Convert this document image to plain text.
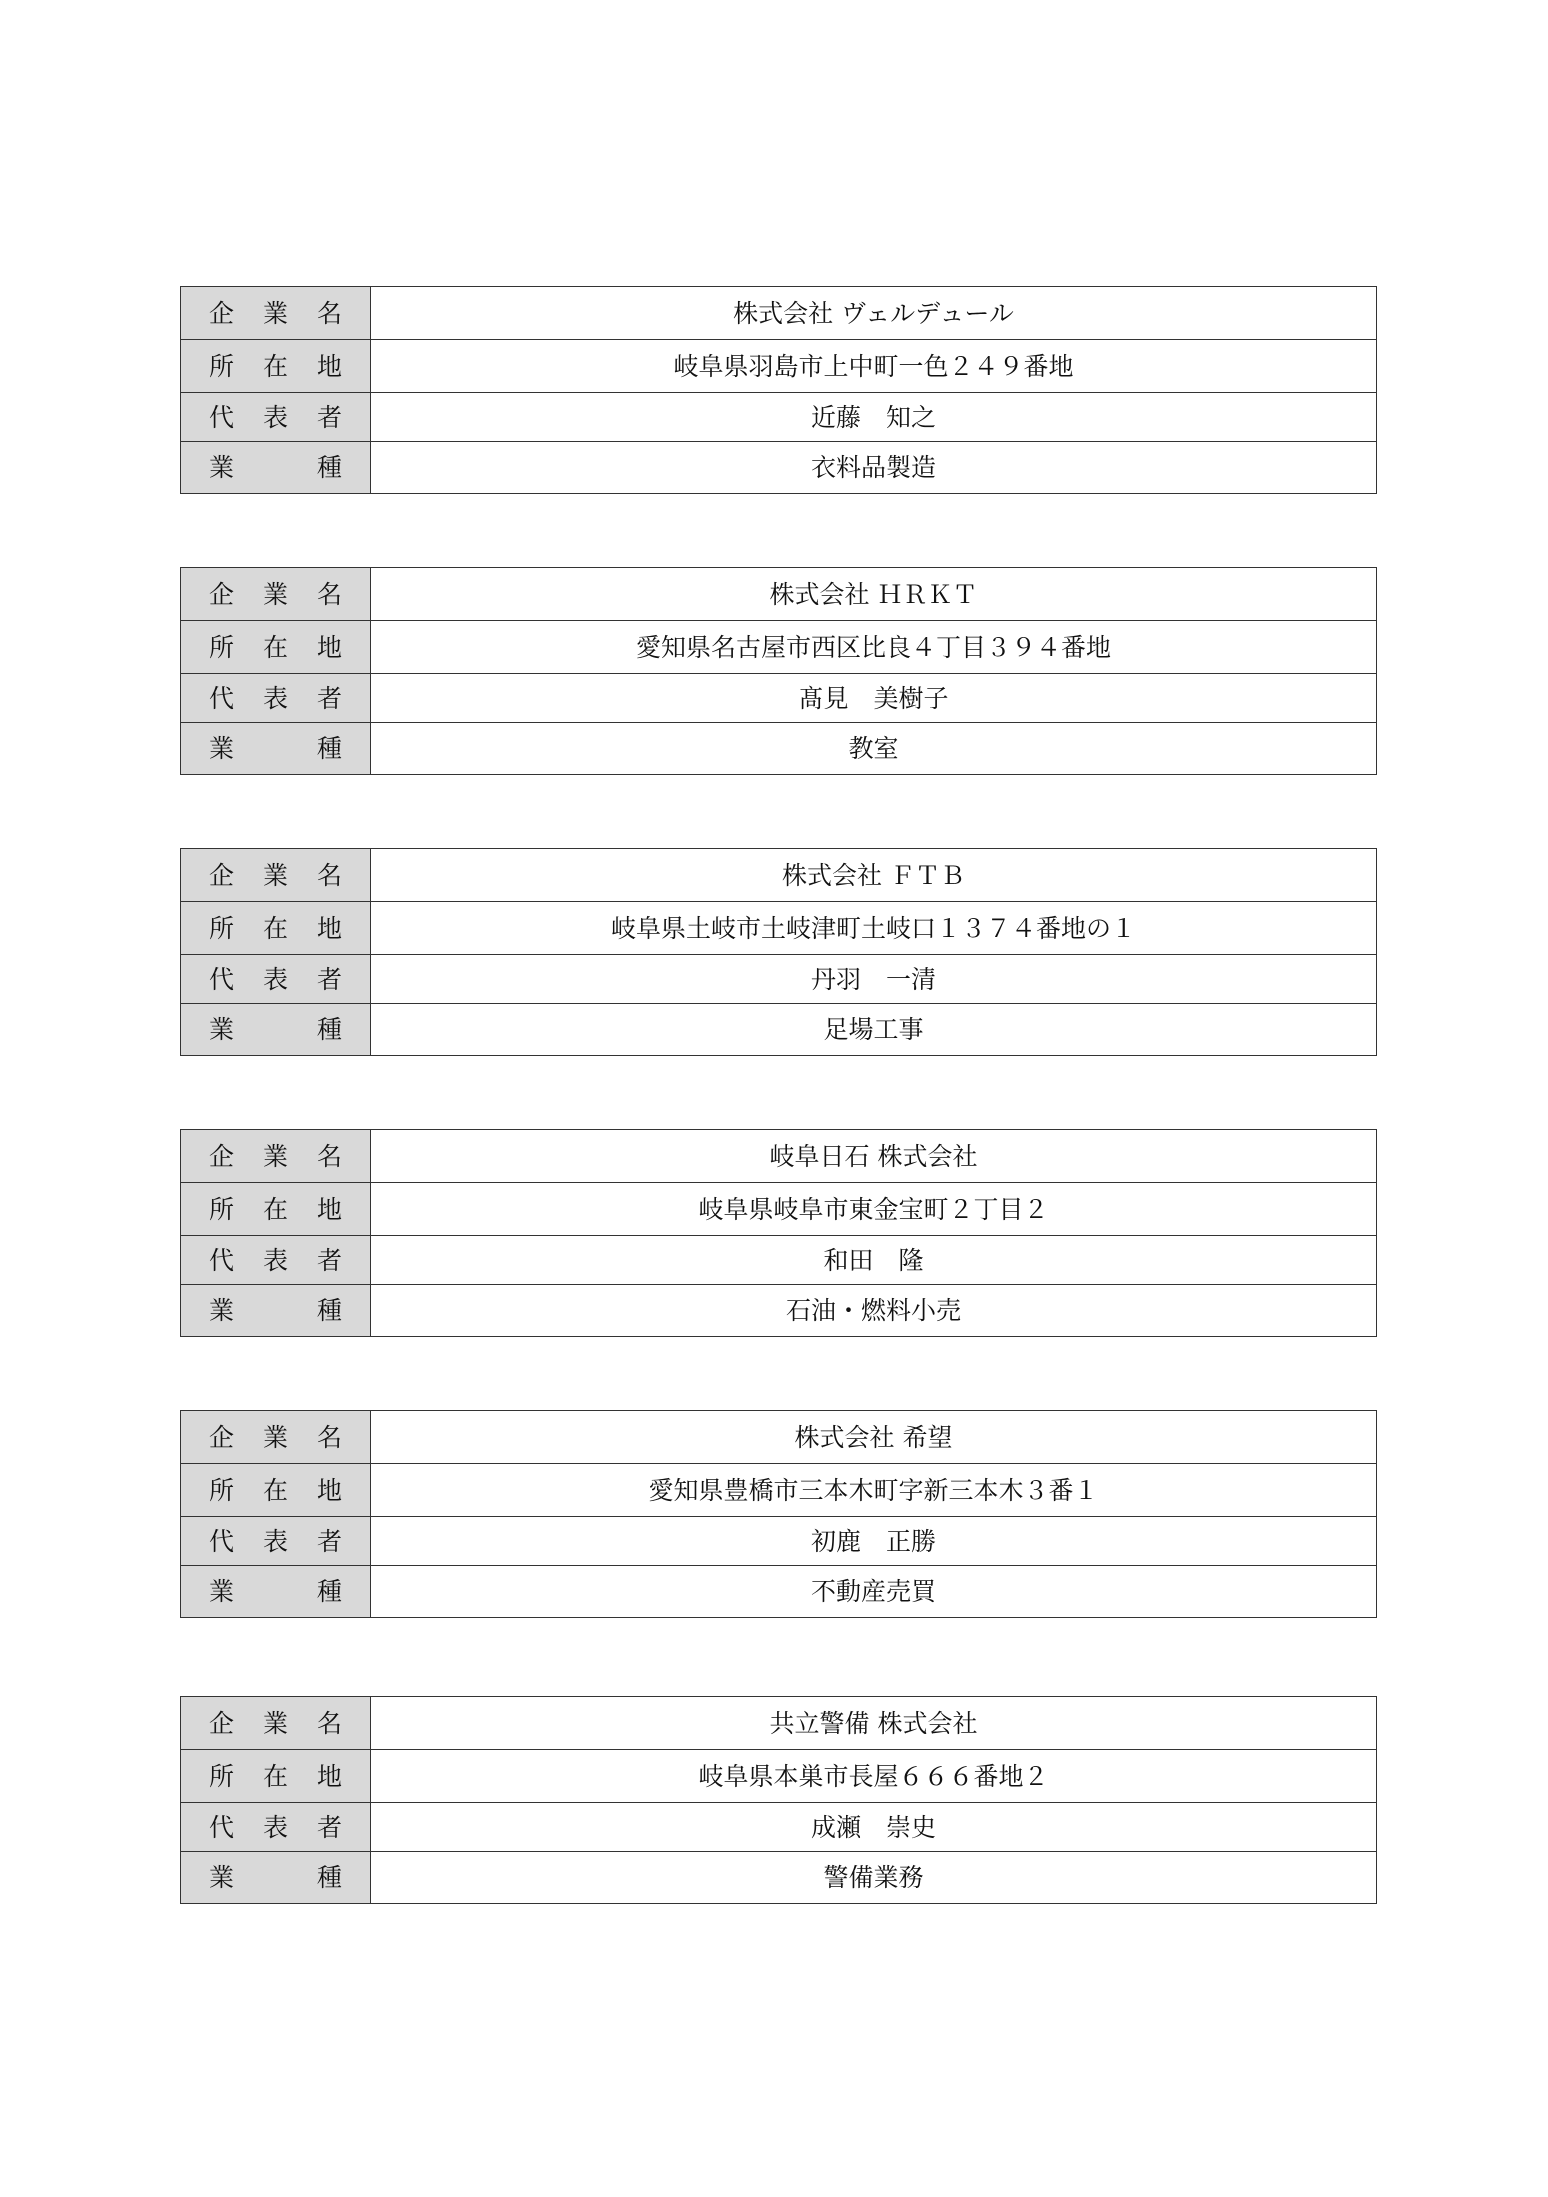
企 業 名	株式会社 ヴェルデュール

所 在 地	岐阜県羽島市上中町一色２４９番地

代 表 者	近藤　知之

業 種	衣料品製造
企 業 名	株式会社 ＨＲＫＴ

所 在 地	愛知県名古屋市西区比良４丁目３９４番地

代 表 者	髙見　美樹子

業 種	教室
企 業 名	株式会社 ＦＴＢ

所 在 地	岐阜県土岐市土岐津町土岐口１３７４番地の１

代 表 者	丹羽　一清

業 種	足場工事
企 業 名	岐阜日石 株式会社

所 在 地	岐阜県岐阜市東金宝町２丁目２

代 表 者	和田　隆

業 種	石油・燃料小売
企 業 名	株式会社 希望

所 在 地	愛知県豊橋市三本木町字新三本木３番１

代 表 者	初鹿　正勝

業 種	不動産売買
企 業 名	共立警備 株式会社

所 在 地	岐阜県本巣市長屋６６６番地２

代 表 者	成瀬　崇史

業 種	警備業務
